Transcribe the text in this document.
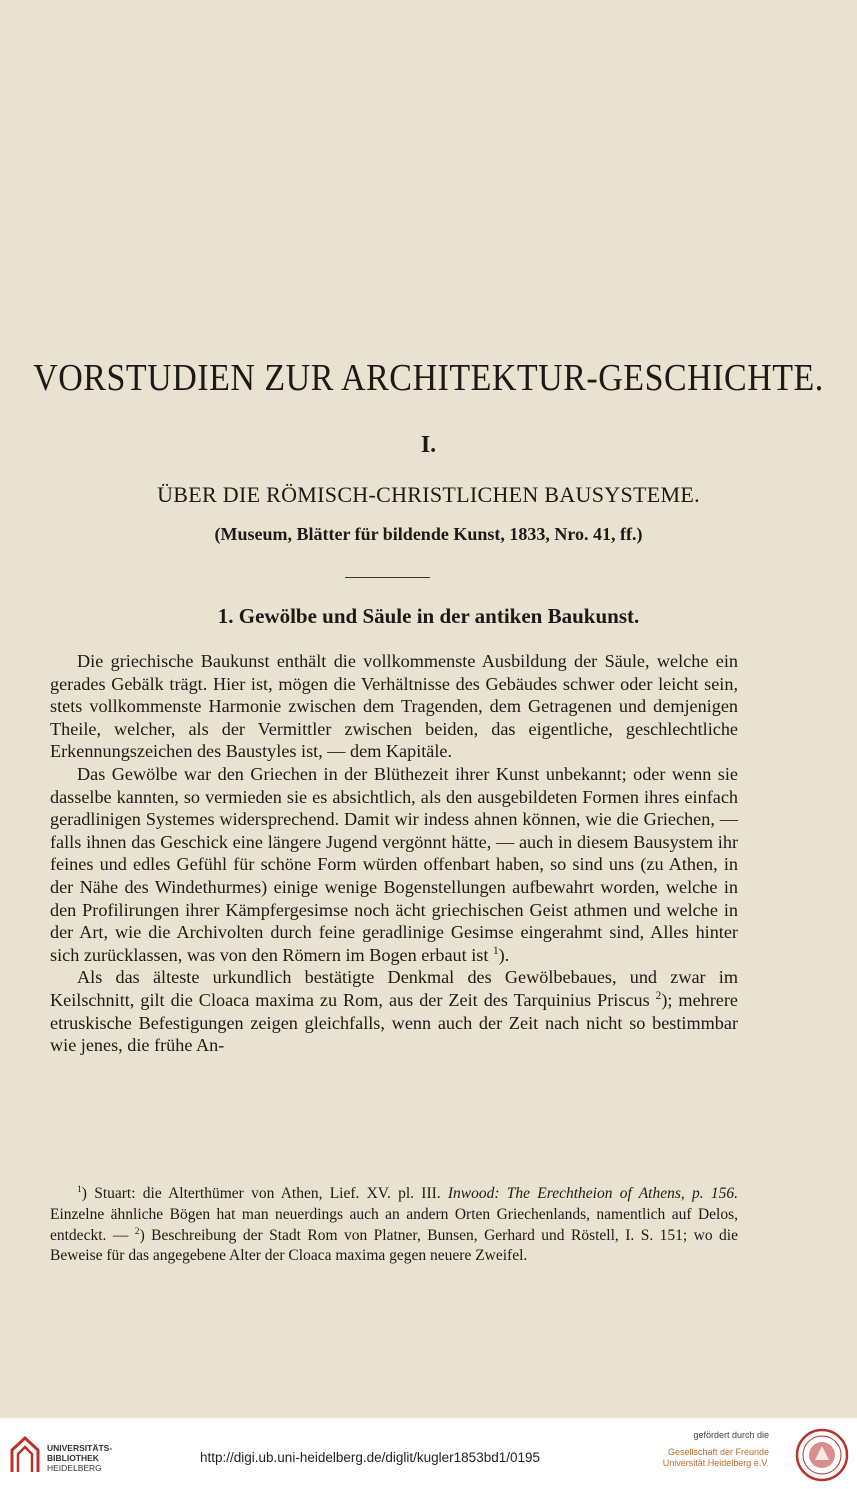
VORSTUDIEN ZUR ARCHITEKTUR-GESCHICHTE.
I.
ÜBER DIE RÖMISCH-CHRISTLICHEN BAUSYSTEME.
(Museum, Blätter für bildende Kunst, 1833, Nro. 41, ff.)
1. Gewölbe und Säule in der antiken Baukunst.

Die griechische Baukunst enthält die vollkommenste Ausbildung der Säule, welche ein gerades Gebälk trägt. Hier ist, mögen die Verhältnisse des Gebäudes schwer oder leicht sein, stets vollkommenste Harmonie zwischen dem Tragenden, dem Getragenen und demjenigen Theile, welcher, als der Vermittler zwischen beiden, das eigentliche, geschlechtliche Erkennungszeichen des Baustyles ist, — dem Kapitäle.

Das Gewölbe war den Griechen in der Blüthezeit ihrer Kunst unbekannt; oder wenn sie dasselbe kannten, so vermieden sie es absichtlich, als den ausgebildeten Formen ihres einfach geradlinigen Systemes widersprechend. Damit wir indess ahnen können, wie die Griechen, — falls ihnen das Geschick eine längere Jugend vergönnt hätte, — auch in diesem Bausystem ihr feines und edles Gefühl für schöne Form würden offenbart haben, so sind uns (zu Athen, in der Nähe des Windethurmes) einige wenige Bogenstellungen aufbewahrt worden, welche in den Profilirungen ihrer Kämpfergesimse noch ächt griechischen Geist athmen und welche in der Art, wie die Archivolten durch feine geradlinige Gesimse eingerahmt sind, Alles hinter sich zurücklassen, was von den Römern im Bogen erbaut ist $^1$).

Als das älteste urkundlich bestätigte Denkmal des Gewölbebaues, und zwar im Keilschnitt, gilt die Cloaca maxima zu Rom, aus der Zeit des Tarquinius Priscus $^2$); mehrere etruskische Befestigungen zeigen gleichfalls, wenn auch der Zeit nach nicht so bestimmbar wie jenes, die frühe An-

$^1$) Stuart: die Alterthümer von Athen, Lief. XV. pl. III. Inwood: The Erechtheion of Athens, p. 156. Einzelne ähnliche Bögen hat man neuerdings auch an andern Orten Griechenlands, namentlich auf Delos, entdeckt. — $^2$) Beschreibung der Stadt Rom von Platner, Bunsen, Gerhard und Röstell, I. S. 151; wo die Beweise für das angegebene Alter der Cloaca maxima gegen neuere Zweifel.

UNIVERSITÄTS-
BIBLIOTHEK
HEIDELBERG
http://digi.ub.uni-heidelberg.de/diglit/kugler1853bd1/0195
gefördert durch die
Gesellschaft der Freunde
Universität Heidelberg e.V.
